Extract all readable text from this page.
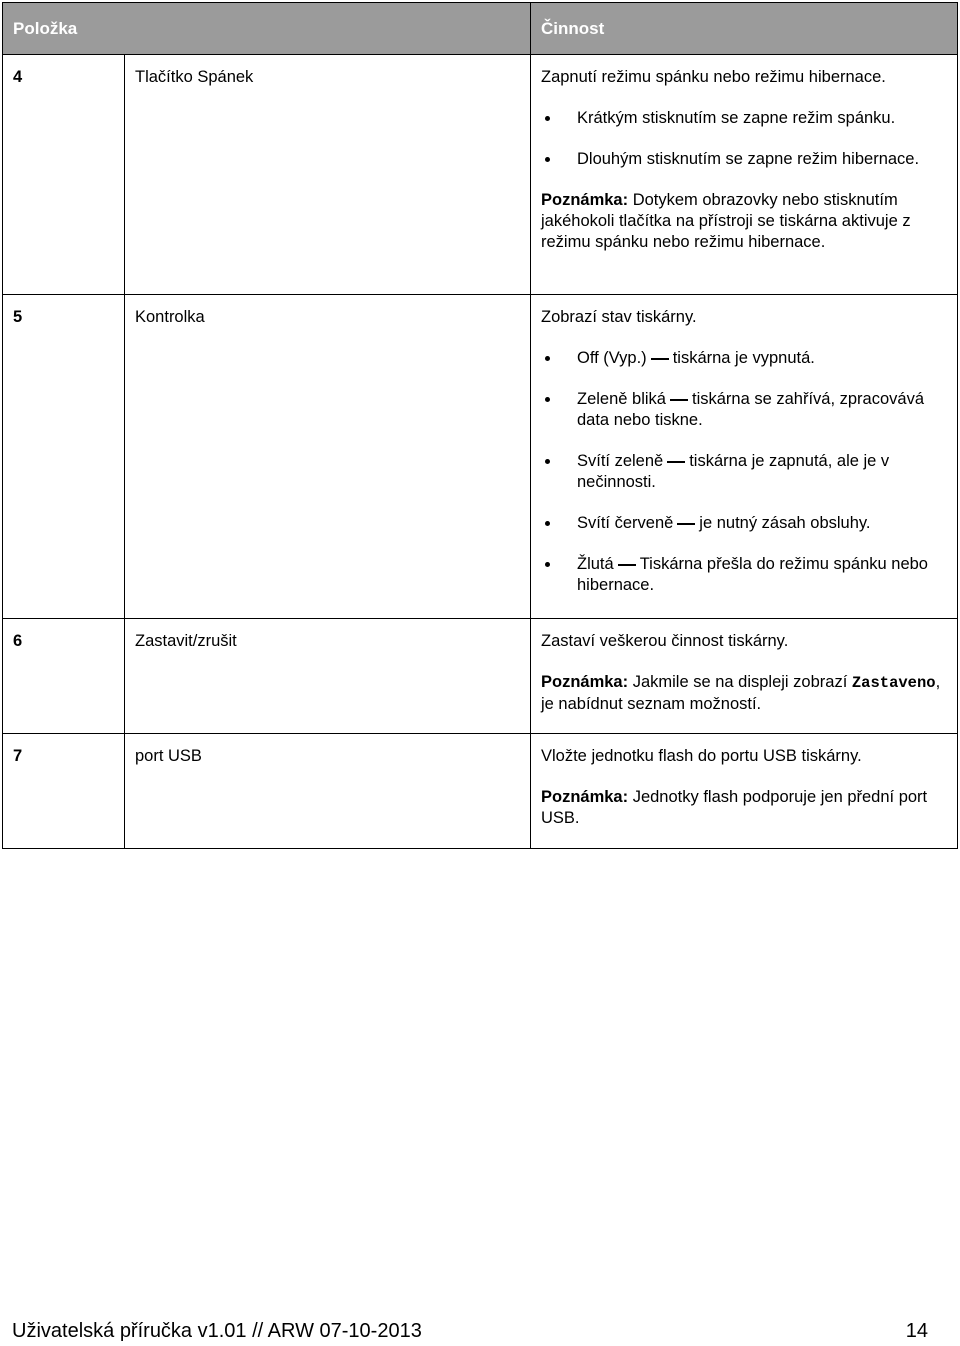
Položka	Činnost
4	Tlačítko Spánek	Zapnutí režimu spánku nebo režimu hibernace.

Krátkým stisknutím se zapne režim spánku.
Dlouhým stisknutím se zapne režim hibernace.

Poznámka: Dotykem obrazovky nebo stisknutím jakéhokoli tlačítka na přístroji se tiskárna aktivuje z režimu spánku nebo režimu hibernace.

5	Kontrolka	Zobrazí stav tiskárny.

Off (Vyp.) tiskárna je vypnutá.
Zeleně bliká tiskárna se zahřívá, zpracovává data nebo tiskne.
Svítí zeleně tiskárna je zapnutá, ale je v nečinnosti.
Svítí červeně je nutný zásah obsluhy.
Žlutá Tiskárna přešla do režimu spánku nebo hibernace.
6	Zastavit/zrušit	Zastaví veškerou činnost tiskárny.

Poznámka: Jakmile se na displeji zobrazí Zastaveno, je nabídnut seznam možností.

7	port USB	Vložte jednotku flash do portu USB tiskárny.

Poznámka: Jednotky flash podporuje jen přední port USB.

Uživatelská příručka v1.01 // ARW 07-10-2013	14
